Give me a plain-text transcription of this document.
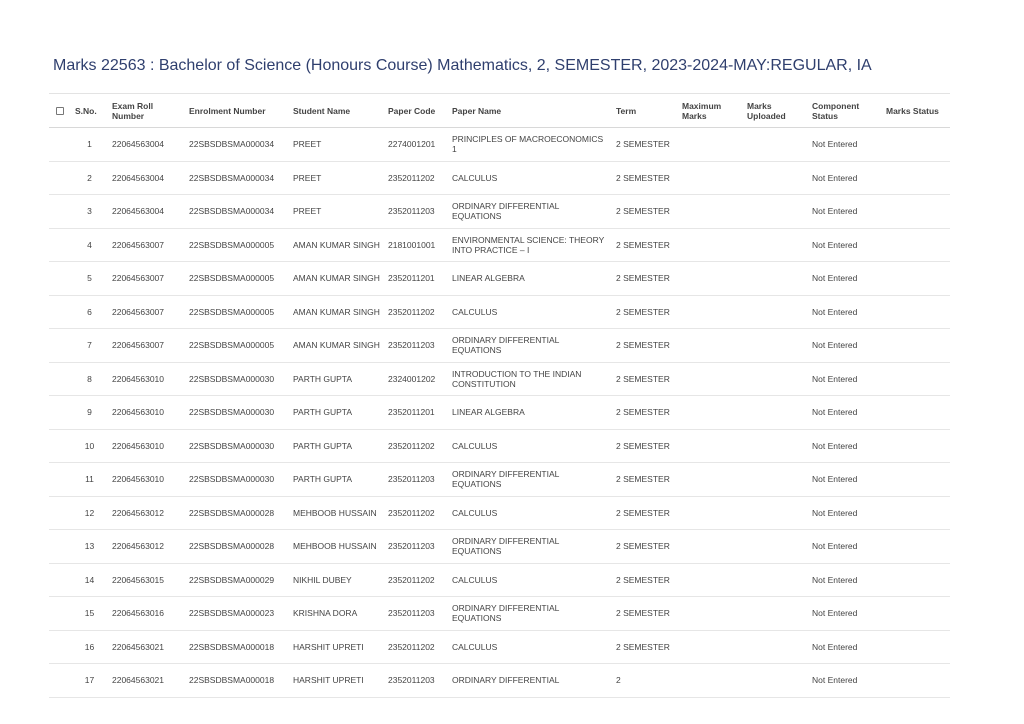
Marks 22563 : Bachelor of Science (Honours Course) Mathematics, 2, SEMESTER, 2023-2024-MAY:REGULAR, IA
	S.No.	Exam Roll Number	Enrolment Number	Student Name	Paper Code	Paper Name	Term	Maximum Marks	Marks Uploaded	Component Status	Marks Status
	1	22064563004	22SBSDBSMA000034	PREET	2274001201	PRINCIPLES OF MACROECONOMICS 1	2 SEMESTER			Not Entered	
	2	22064563004	22SBSDBSMA000034	PREET	2352011202	CALCULUS	2 SEMESTER			Not Entered	
	3	22064563004	22SBSDBSMA000034	PREET	2352011203	ORDINARY DIFFERENTIAL EQUATIONS	2 SEMESTER			Not Entered	
	4	22064563007	22SBSDBSMA000005	AMAN KUMAR SINGH	2181001001	ENVIRONMENTAL SCIENCE: THEORY INTO PRACTICE – I	2 SEMESTER			Not Entered	
	5	22064563007	22SBSDBSMA000005	AMAN KUMAR SINGH	2352011201	LINEAR ALGEBRA	2 SEMESTER			Not Entered	
	6	22064563007	22SBSDBSMA000005	AMAN KUMAR SINGH	2352011202	CALCULUS	2 SEMESTER			Not Entered	
	7	22064563007	22SBSDBSMA000005	AMAN KUMAR SINGH	2352011203	ORDINARY DIFFERENTIAL EQUATIONS	2 SEMESTER			Not Entered	
	8	22064563010	22SBSDBSMA000030	PARTH GUPTA	2324001202	INTRODUCTION TO THE INDIAN CONSTITUTION	2 SEMESTER			Not Entered	
	9	22064563010	22SBSDBSMA000030	PARTH GUPTA	2352011201	LINEAR ALGEBRA	2 SEMESTER			Not Entered	
	10	22064563010	22SBSDBSMA000030	PARTH GUPTA	2352011202	CALCULUS	2 SEMESTER			Not Entered	
	11	22064563010	22SBSDBSMA000030	PARTH GUPTA	2352011203	ORDINARY DIFFERENTIAL EQUATIONS	2 SEMESTER			Not Entered	
	12	22064563012	22SBSDBSMA000028	MEHBOOB HUSSAIN	2352011202	CALCULUS	2 SEMESTER			Not Entered	
	13	22064563012	22SBSDBSMA000028	MEHBOOB HUSSAIN	2352011203	ORDINARY DIFFERENTIAL EQUATIONS	2 SEMESTER			Not Entered	
	14	22064563015	22SBSDBSMA000029	NIKHIL DUBEY	2352011202	CALCULUS	2 SEMESTER			Not Entered	
	15	22064563016	22SBSDBSMA000023	KRISHNA DORA	2352011203	ORDINARY DIFFERENTIAL EQUATIONS	2 SEMESTER			Not Entered	
	16	22064563021	22SBSDBSMA000018	HARSHIT UPRETI	2352011202	CALCULUS	2 SEMESTER			Not Entered	
	17	22064563021	22SBSDBSMA000018	HARSHIT UPRETI	2352011203	ORDINARY DIFFERENTIAL	2			Not Entered	
